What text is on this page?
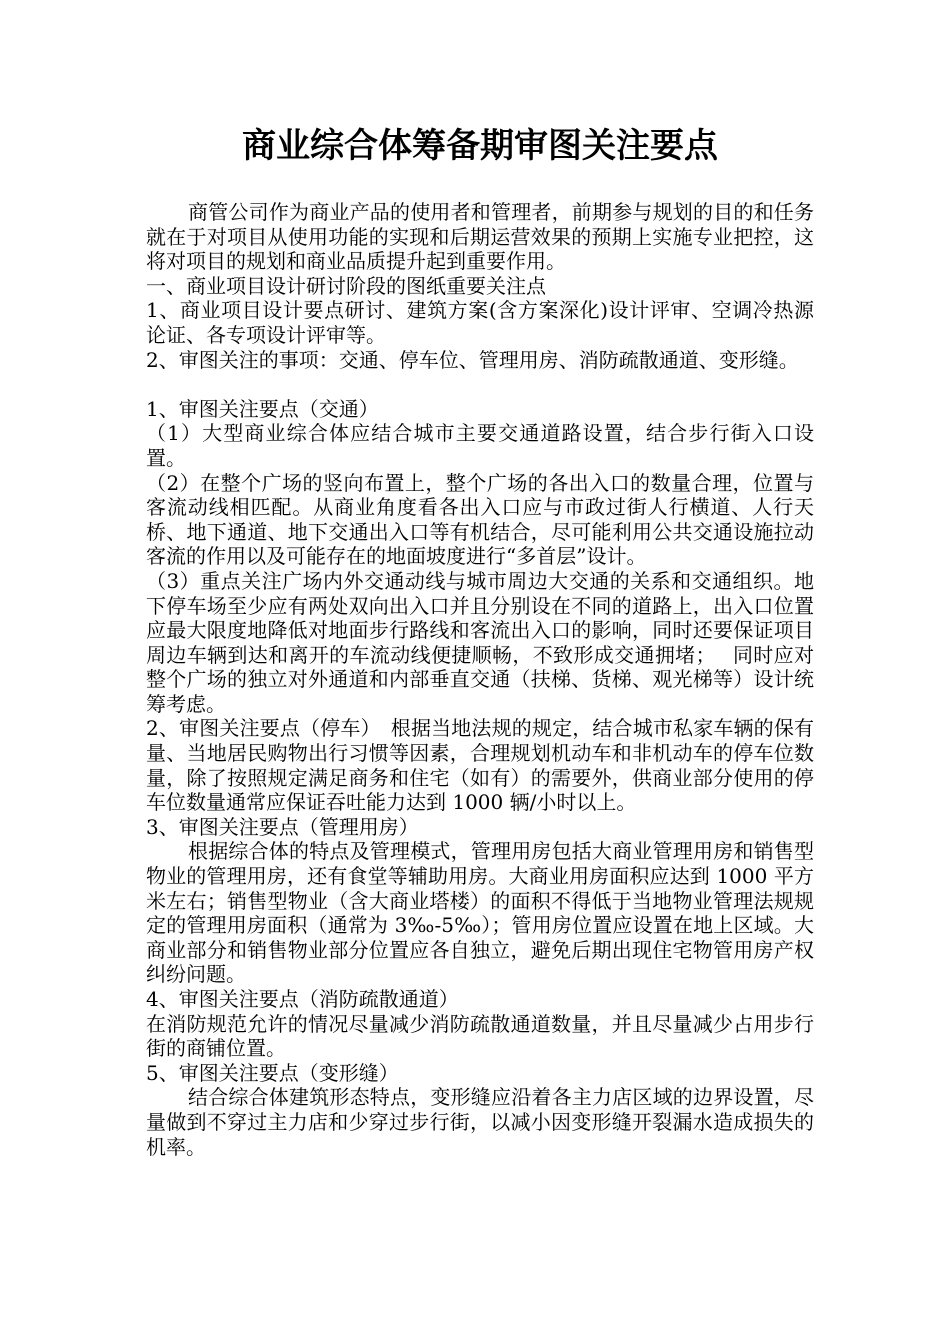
商业综合体筹备期审图关注要点

商管公司作为商业产品的使用者和管理者，前期参与规划的目的和任务就在于对项目从使用功能的实现和后期运营效果的预期上实施专业把控，这将对项目的规划和商业品质提升起到重要作用。

一、商业项目设计研讨阶段的图纸重要关注点

1、商业项目设计要点研讨、建筑方案(含方案深化)设计评审、空调冷热源论证、各专项设计评审等。

2、审图关注的事项：交通、停车位、管理用房、消防疏散通道、变形缝。

1、审图关注要点（交通）

（1）大型商业综合体应结合城市主要交通道路设置，结合步行街入口设置。

（2）在整个广场的竖向布置上，整个广场的各出入口的数量合理，位置与客流动线相匹配。从商业角度看各出入口应与市政过街人行横道、人行天桥、地下通道、地下交通出入口等有机结合，尽可能利用公共交通设施拉动客流的作用以及可能存在的地面坡度进行“多首层”设计。

（3）重点关注广场内外交通动线与城市周边大交通的关系和交通组织。地下停车场至少应有两处双向出入口并且分别设在不同的道路上，出入口位置应最大限度地降低对地面步行路线和客流出入口的影响，同时还要保证项目周边车辆到达和离开的车流动线便捷顺畅，不致形成交通拥堵；　 同时应对整个广场的独立对外通道和内部垂直交通（扶梯、货梯、观光梯等）设计统筹考虑。

2、审图关注要点（停车）　根据当地法规的规定，结合城市私家车辆的保有量、当地居民购物出行习惯等因素，合理规划机动车和非机动车的停车位数量，除了按照规定满足商务和住宅（如有）的需要外，供商业部分使用的停车位数量通常应保证吞吐能力达到 1000 辆/小时以上。

3、审图关注要点（管理用房）

根据综合体的特点及管理模式，管理用房包括大商业管理用房和销售型物业的管理用房，还有食堂等辅助用房。大商业用房面积应达到 1000 平方米左右；销售型物业（含大商业塔楼）的面积不得低于当地物业管理法规规定的管理用房面积（通常为 3‰-5‰）；管用房位置应设置在地上区域。大商业部分和销售物业部分位置应各自独立，避免后期出现住宅物管用房产权纠纷问题。

4、审图关注要点（消防疏散通道）

在消防规范允许的情况尽量减少消防疏散通道数量，并且尽量减少占用步行街的商铺位置。

5、审图关注要点（变形缝）

结合综合体建筑形态特点，变形缝应沿着各主力店区域的边界设置，尽量做到不穿过主力店和少穿过步行街，以减小因变形缝开裂漏水造成损失的机率。
